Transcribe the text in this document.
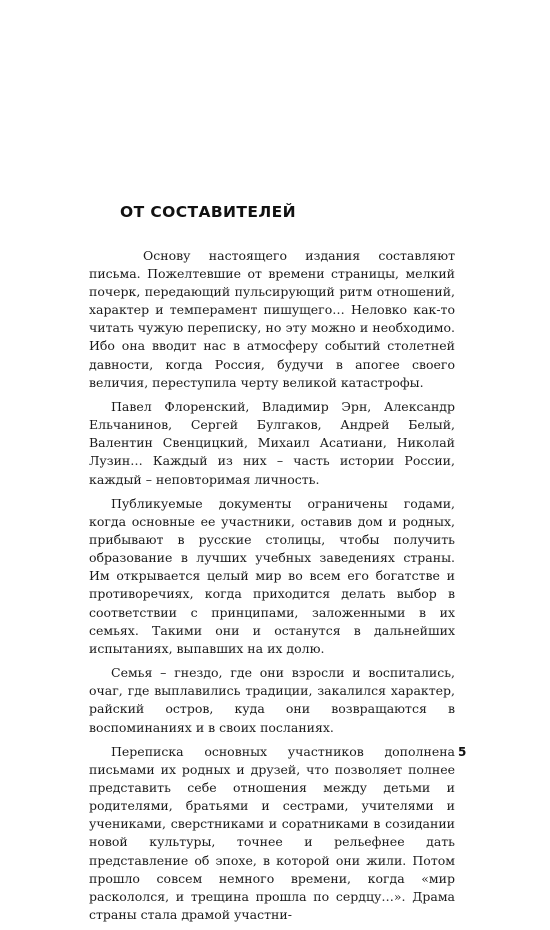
ОТ СОСТАВИТЕЛЕЙ

Основу настоящего издания составляют письма. Пожелтевшие от времени страницы, мелкий почерк, передающий пульсирующий ритм отношений, характер и темперамент пишущего… Неловко как-то читать чужую переписку, но эту можно и необходимо. Ибо она вводит нас в атмосферу событий столетней давности, когда Россия, будучи в апогее своего величия, переступила черту великой катастрофы.

Павел Флоренский, Владимир Эрн, Александр Ельчанинов, Сергей Булгаков, Андрей Белый, Валентин Свенцицкий, Михаил Асатиани, Николай Лузин… Каждый из них – часть истории России, каждый – неповторимая личность.

Публикуемые документы ограничены годами, когда основные ее участники, оставив дом и родных, прибывают в русские столицы, чтобы получить образование в лучших учебных заведениях страны. Им открывается целый мир во всем его богатстве и противоречиях, когда приходится делать выбор в соответствии с принципами, заложенными в их семьях. Такими они и останутся в дальнейших испытаниях, выпавших на их долю.

Семья – гнездо, где они взросли и воспитались, очаг, где выплавились традиции, закалился характер, райский остров, куда они возвращаются в воспоминаниях и в своих посланиях.

Переписка основных участников дополнена письмами их родных и друзей, что позволяет полнее представить себе отношения между детьми и родителями, братьями и сестрами, учителями и учениками, сверстниками и соратниками в созидании новой культуры, точнее и рельефнее дать представление об эпохе, в которой они жили. Потом прошло совсем немного времени, когда «мир раскололся, и трещина прошла по сердцу…». Драма страны стала драмой участни-

5
